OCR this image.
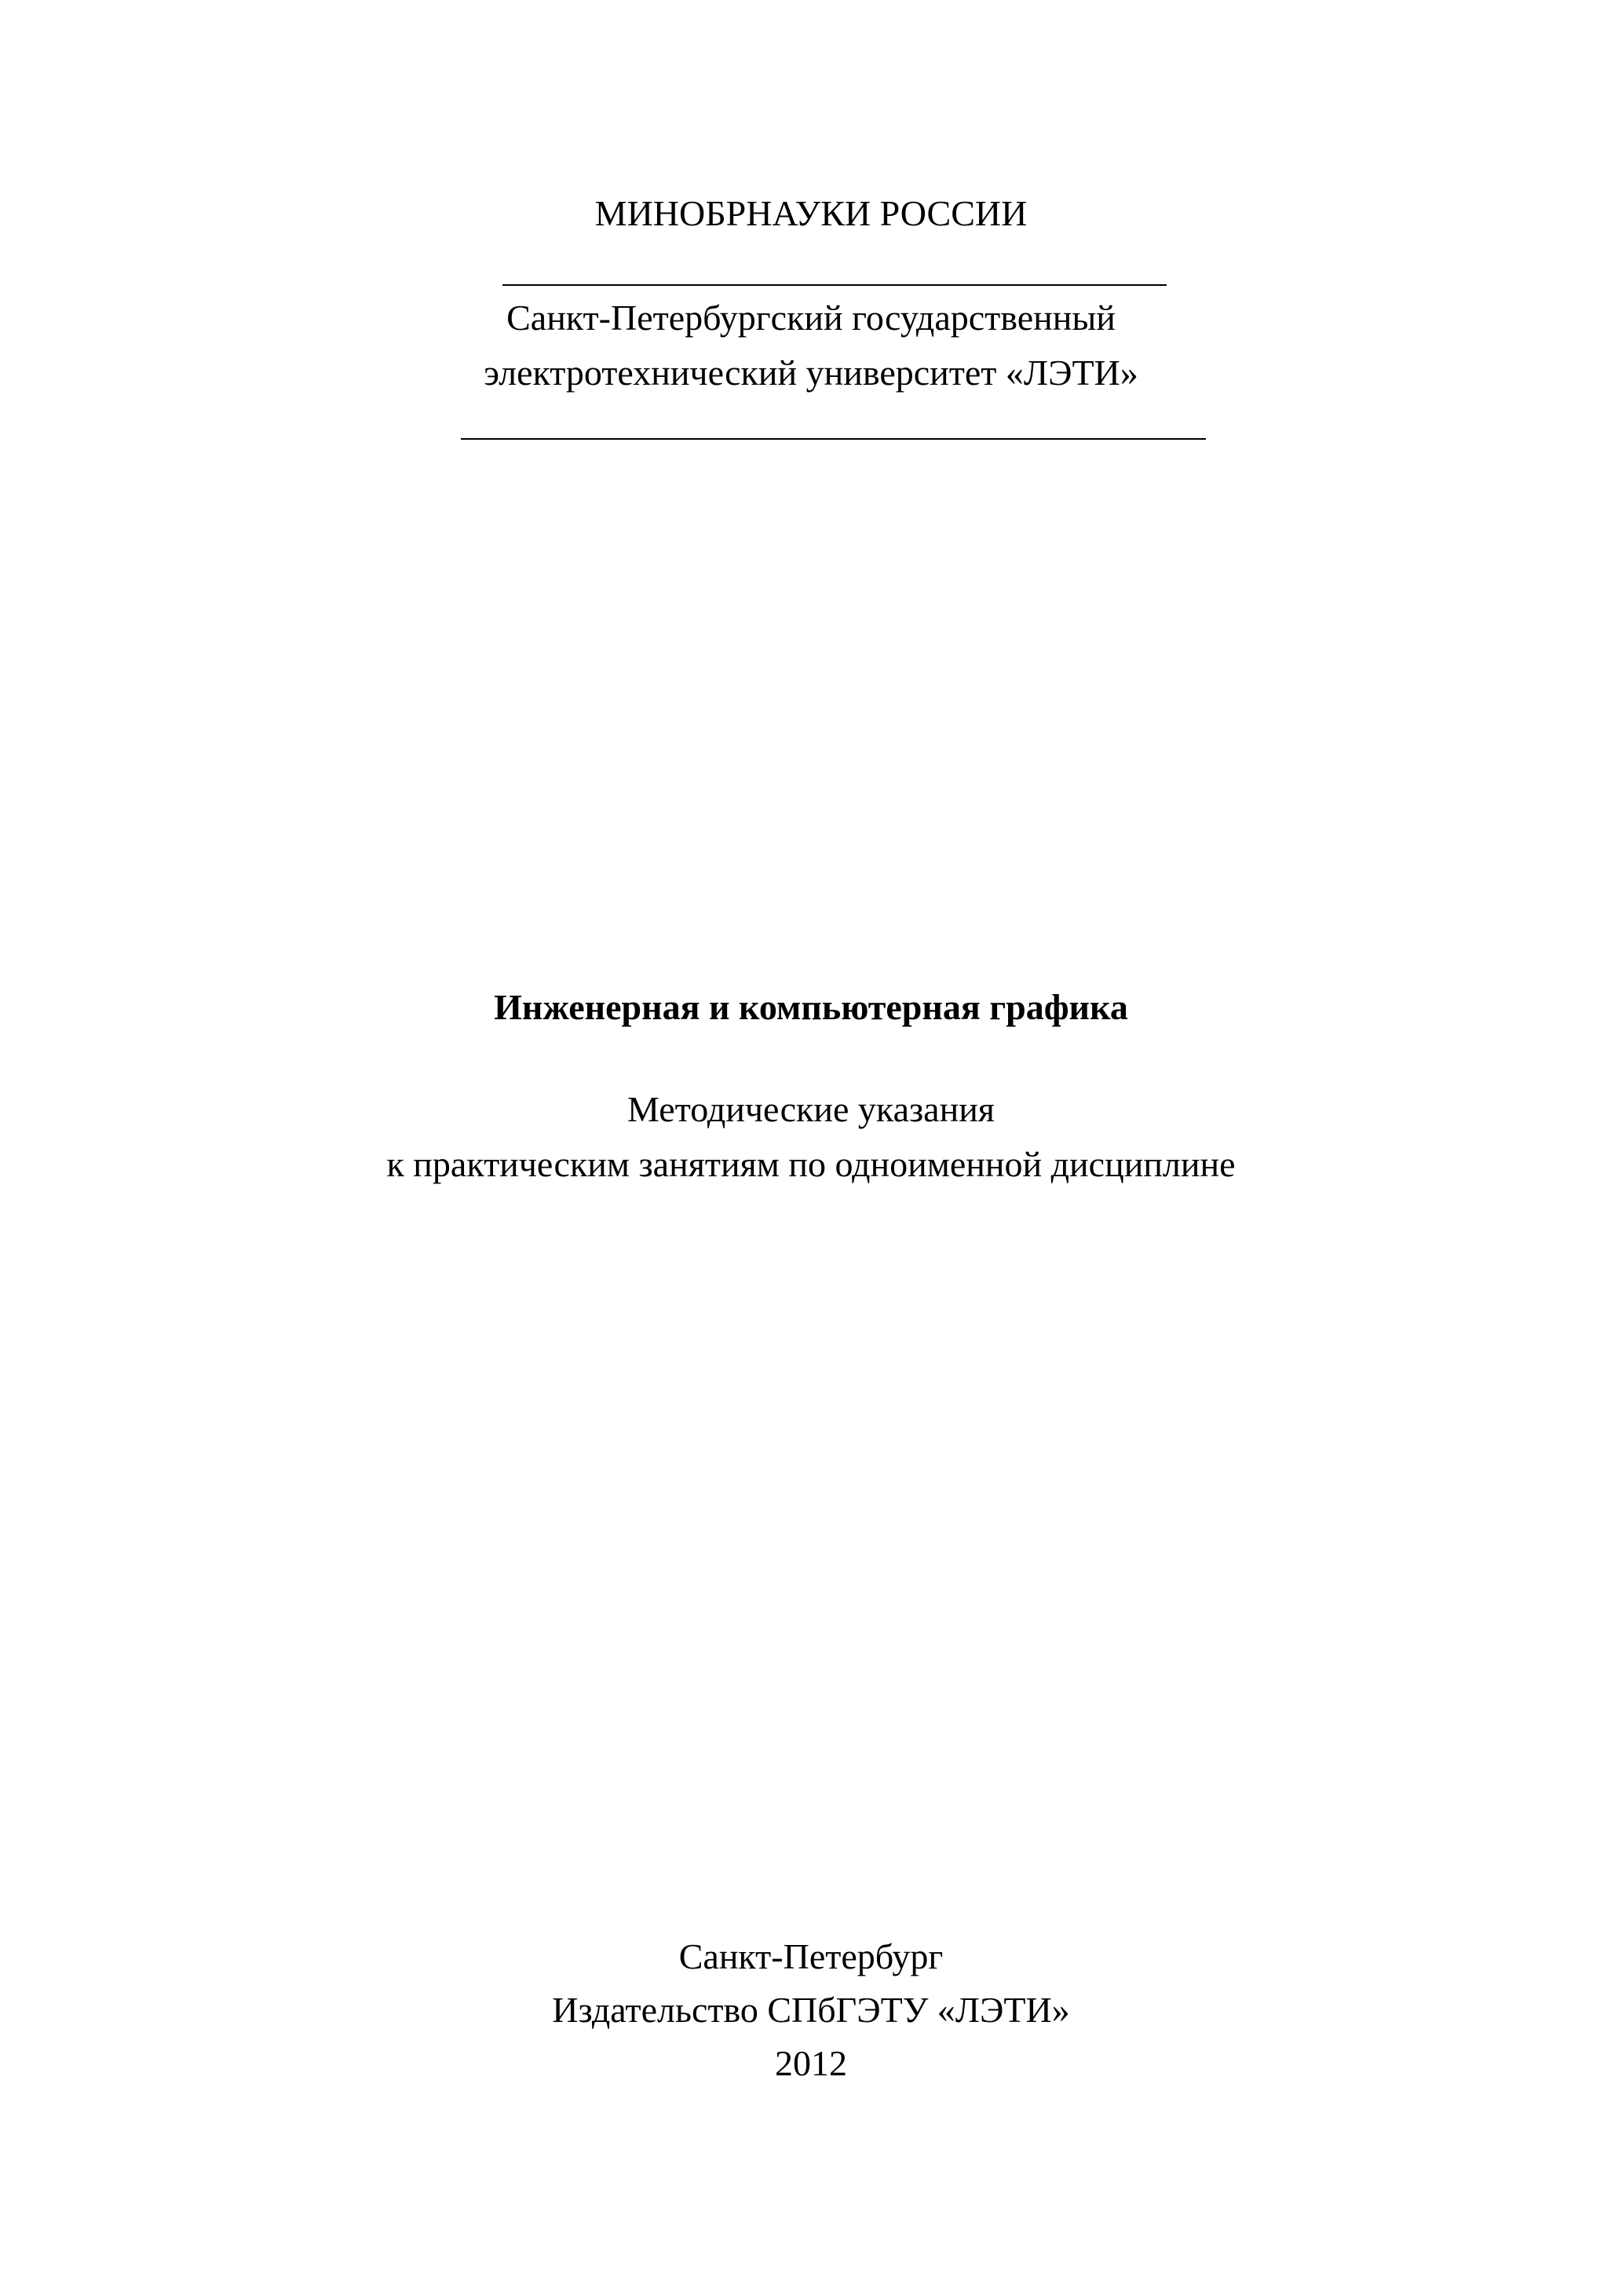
МИНОБРНАУКИ РОССИИ
Санкт-Петербургский государственный
электротехнический университет «ЛЭТИ»
Инженерная и компьютерная графика
Методические указания
к практическим занятиям по одноименной дисциплине
Санкт-Петербург
Издательство СПбГЭТУ «ЛЭТИ»
2012
